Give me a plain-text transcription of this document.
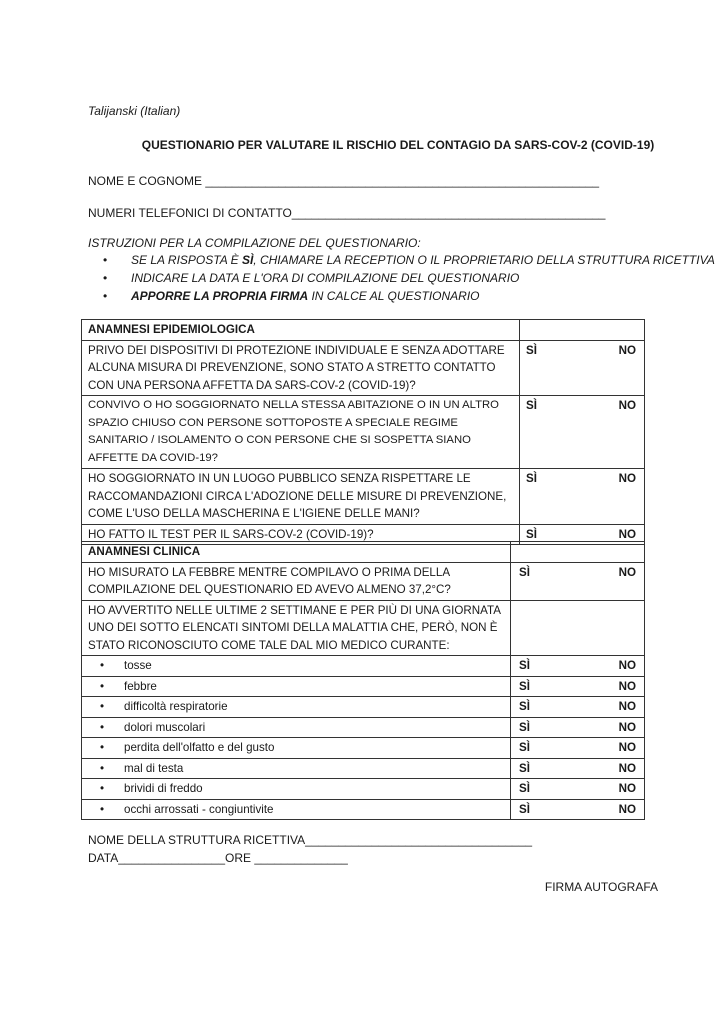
Talijanski (Italian)
QUESTIONARIO PER VALUTARE IL RISCHIO DEL CONTAGIO DA SARS-COV-2 (COVID-19)
NOME E COGNOME ___________________________________________________________
NUMERI TELEFONICI DI CONTATTO_______________________________________________
ISTRUZIONI PER LA COMPILAZIONE DEL QUESTIONARIO:
• SE LA RISPOSTA È SÌ, CHIAMARE LA RECEPTION O IL PROPRIETARIO DELLA STRUTTURA RICETTIVA
• INDICARE LA DATA E L'ORA DI COMPILAZIONE DEL QUESTIONARIO
• APPORRE LA PROPRIA FIRMA IN CALCE AL QUESTIONARIO
ANAMNESI EPIDEMIOLOGICA	
PRIVO DEI DISPOSITIVI DI PROTEZIONE INDIVIDUALE E SENZA ADOTTARE ALCUNA MISURA DI PREVENZIONE, SONO STATO A STRETTO CONTATTO CON UNA PERSONA AFFETTA DA SARS-COV-2 (COVID-19)?	SÌ NO

CONVIVO O HO SOGGIORNATO NELLA STESSA ABITAZIONE O IN UN ALTRO SPAZIO CHIUSO CON PERSONE SOTTOPOSTE A SPECIALE REGIME SANITARIO / ISOLAMENTO O CON PERSONE CHE SI SOSPETTA SIANO AFFETTE DA COVID-19?	SÌ NO

HO SOGGIORNATO IN UN LUOGO PUBBLICO SENZA RISPETTARE LE RACCOMANDAZIONI CIRCA L'ADOZIONE DELLE MISURE DI PREVENZIONE, COME L'USO DELLA MASCHERINA E L'IGIENE DELLE MANI?	SÌ NO

HO FATTO IL TEST PER IL SARS-COV-2 (COVID-19)?	SÌ NO
ANAMNESI CLINICA	
HO MISURATO LA FEBBRE MENTRE COMPILAVO O PRIMA DELLA COMPILAZIONE DEL QUESTIONARIO ED AVEVO ALMENO 37,2°C?	SÌ NO

HO AVVERTITO NELLE ULTIME 2 SETTIMANE E PER PIÙ DI UNA GIORNATA UNO DEI SOTTO ELENCATI SINTOMI DELLA MALATTIA CHE, PERÒ, NON È STATO RICONOSCIUTO COME TALE DAL MIO MEDICO CURANTE:	
• tosse	SÌ NO

• febbre	SÌ NO

• difficoltà respiratorie	SÌ NO

• dolori muscolari	SÌ NO

• perdita dell'olfatto e del gusto	SÌ NO

• mal di testa	SÌ NO

• brividi di freddo	SÌ NO

• occhi arrossati - congiuntivite	SÌ NO
NOME DELLA STRUTTURA RICETTIVA__________________________________
DATA________________ORE ______________
FIRMA AUTOGRAFA
